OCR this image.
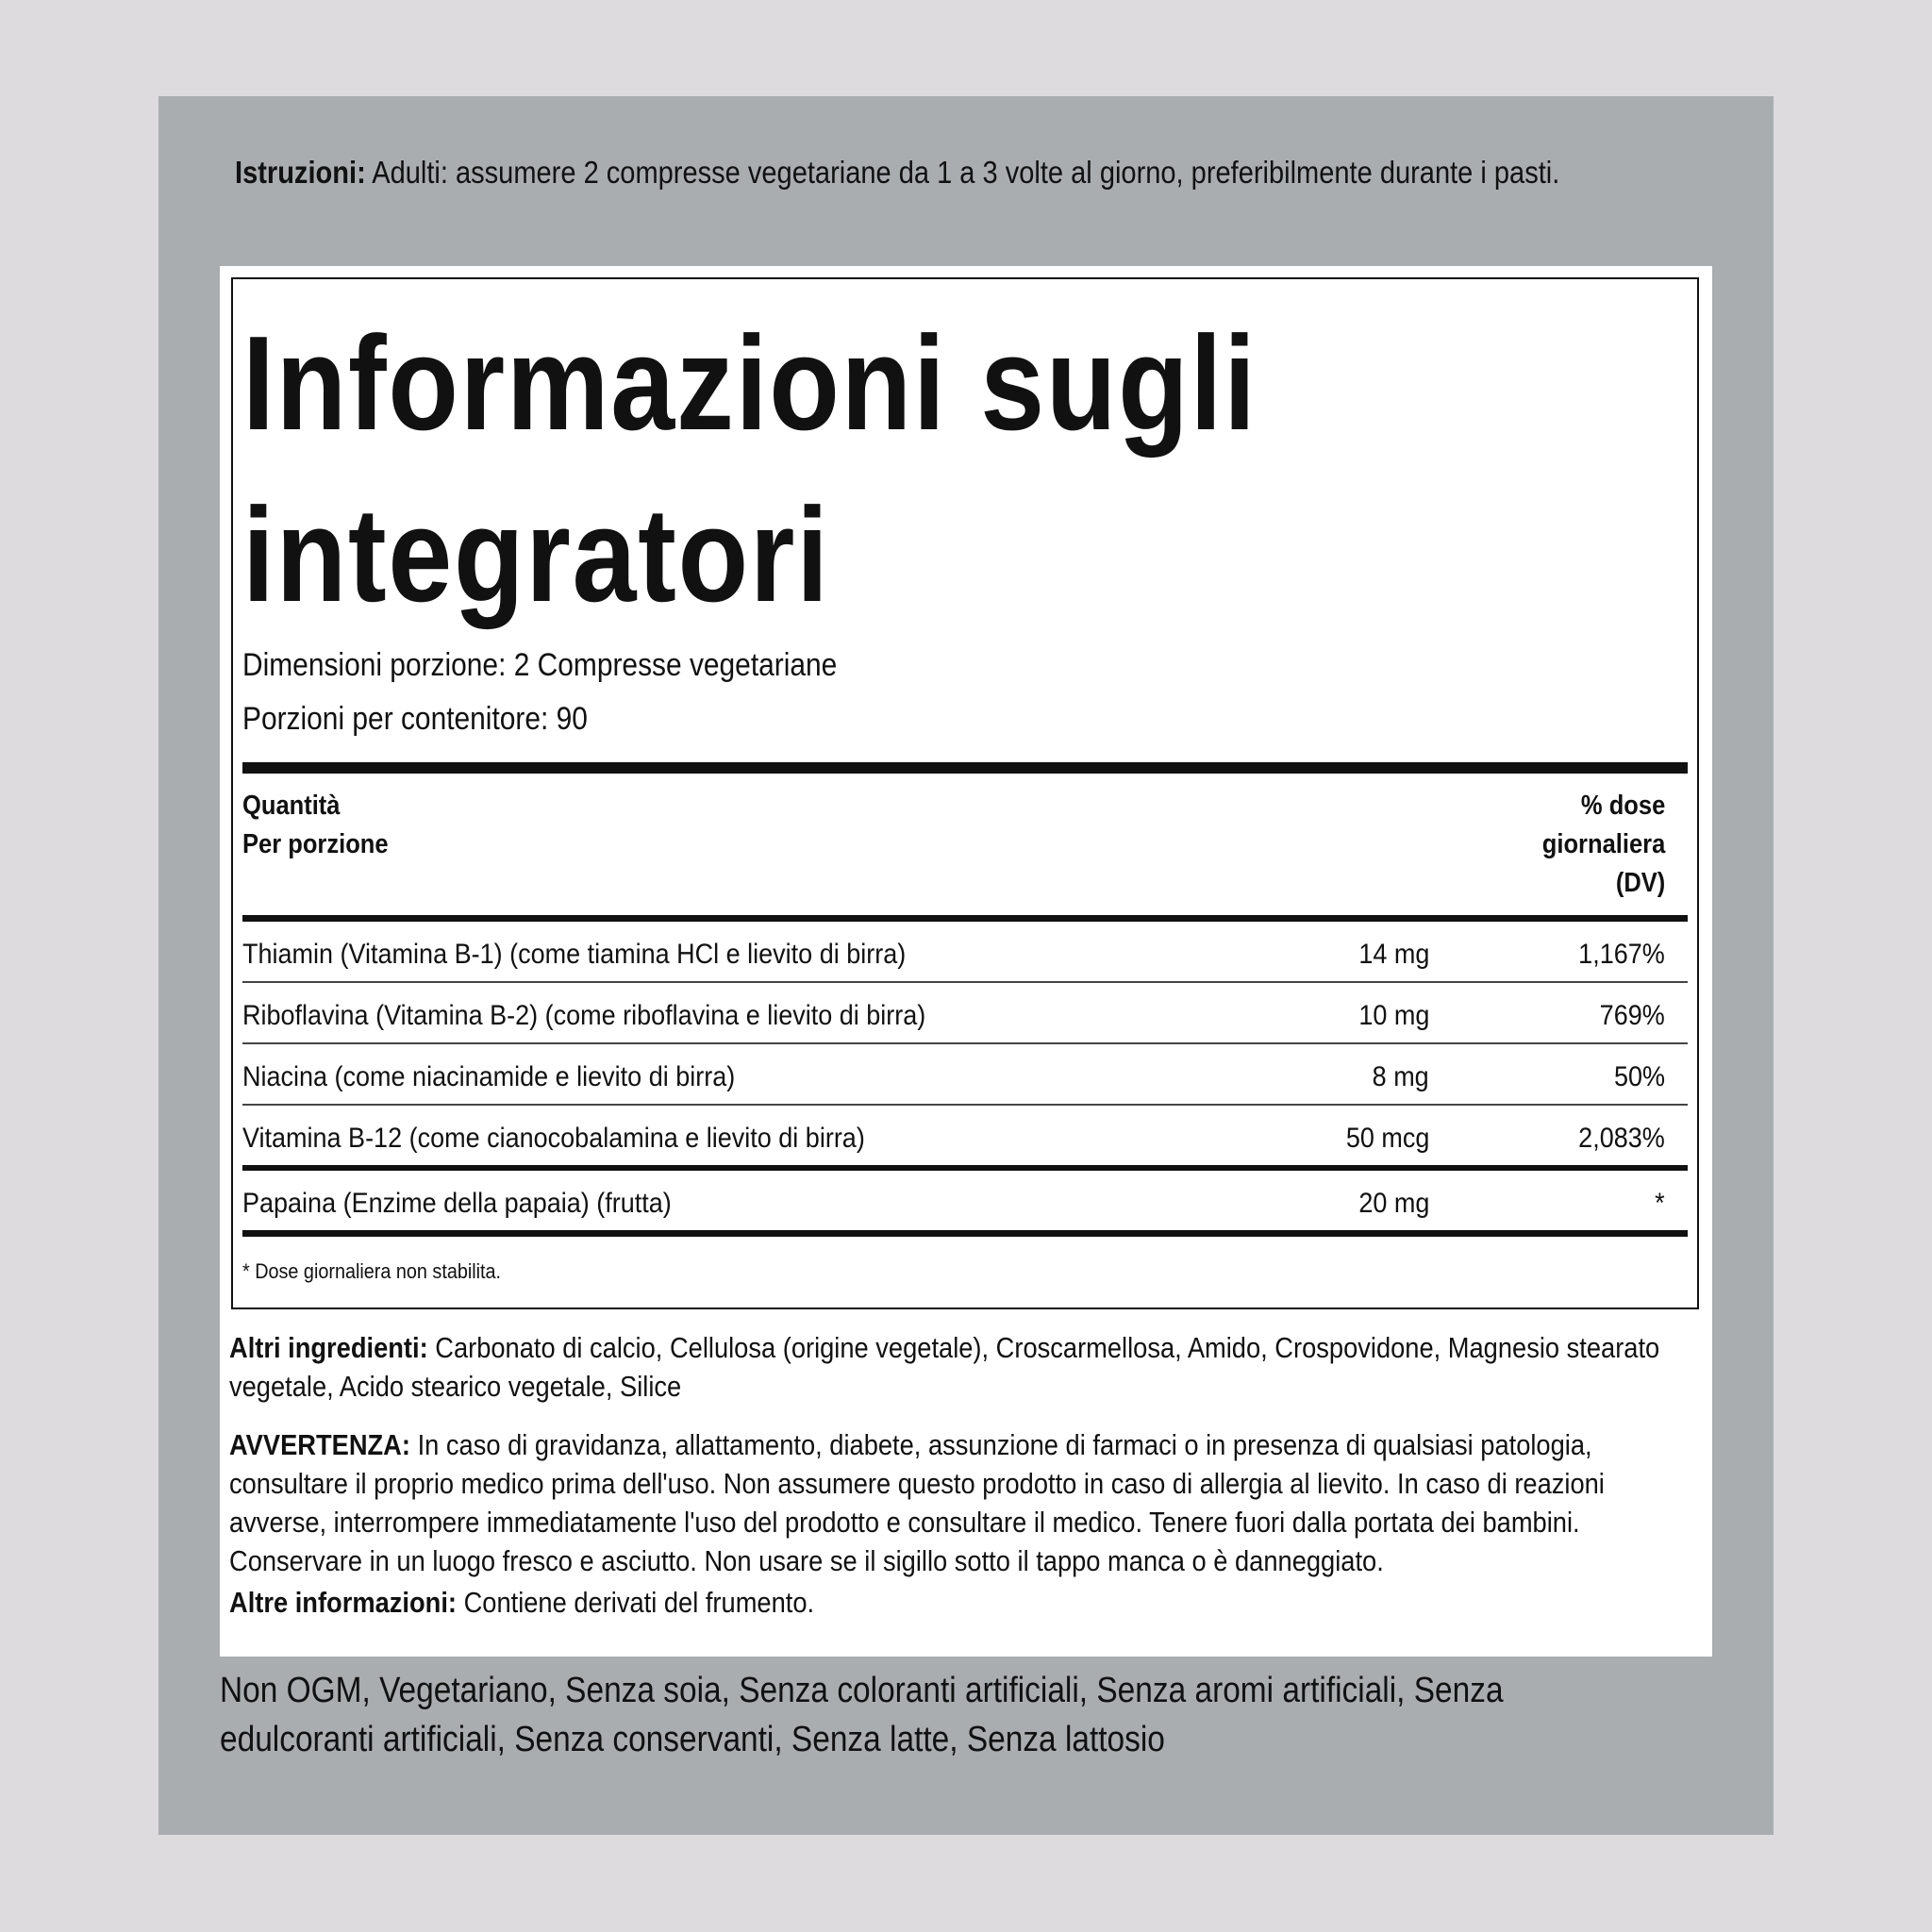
Istruzioni: Adulti: assumere 2 compresse vegetariane da 1 a 3 volte al giorno, preferibilmente durante i pasti.
Informazioni sugli integratori
Dimensioni porzione: 2 Compresse vegetariane
Porzioni per contenitore: 90
Quantità
Per porzione
% dose
giornaliera
(DV)
Thiamin (Vitamina B-1) (come tiamina HCl e lievito di birra)	14 mg	1,167%
Riboflavina (Vitamina B-2) (come riboflavina e lievito di birra)	10 mg	769%
Niacina (come niacinamide e lievito di birra)	8 mg	50%
Vitamina B-12 (come cianocobalamina e lievito di birra)	50 mcg	2,083%
Papaina (Enzime della papaia) (frutta)	20 mg	*
* Dose giornaliera non stabilita.
Altri ingredienti: Carbonato di calcio, Cellulosa (origine vegetale), Croscarmellosa, Amido, Crospovidone, Magnesio stearato vegetale, Acido stearico vegetale, Silice
AVVERTENZA: In caso di gravidanza, allattamento, diabete, assunzione di farmaci o in presenza di qualsiasi patologia, consultare il proprio medico prima dell'uso. Non assumere questo prodotto in caso di allergia al lievito. In caso di reazioni avverse, interrompere immediatamente l'uso del prodotto e consultare il medico. Tenere fuori dalla portata dei bambini. Conservare in un luogo fresco e asciutto. Non usare se il sigillo sotto il tappo manca o è danneggiato.
Altre informazioni: Contiene derivati del frumento.
Non OGM, Vegetariano, Senza soia, Senza coloranti artificiali, Senza aromi artificiali, Senza edulcoranti artificiali, Senza conservanti, Senza latte, Senza lattosio
